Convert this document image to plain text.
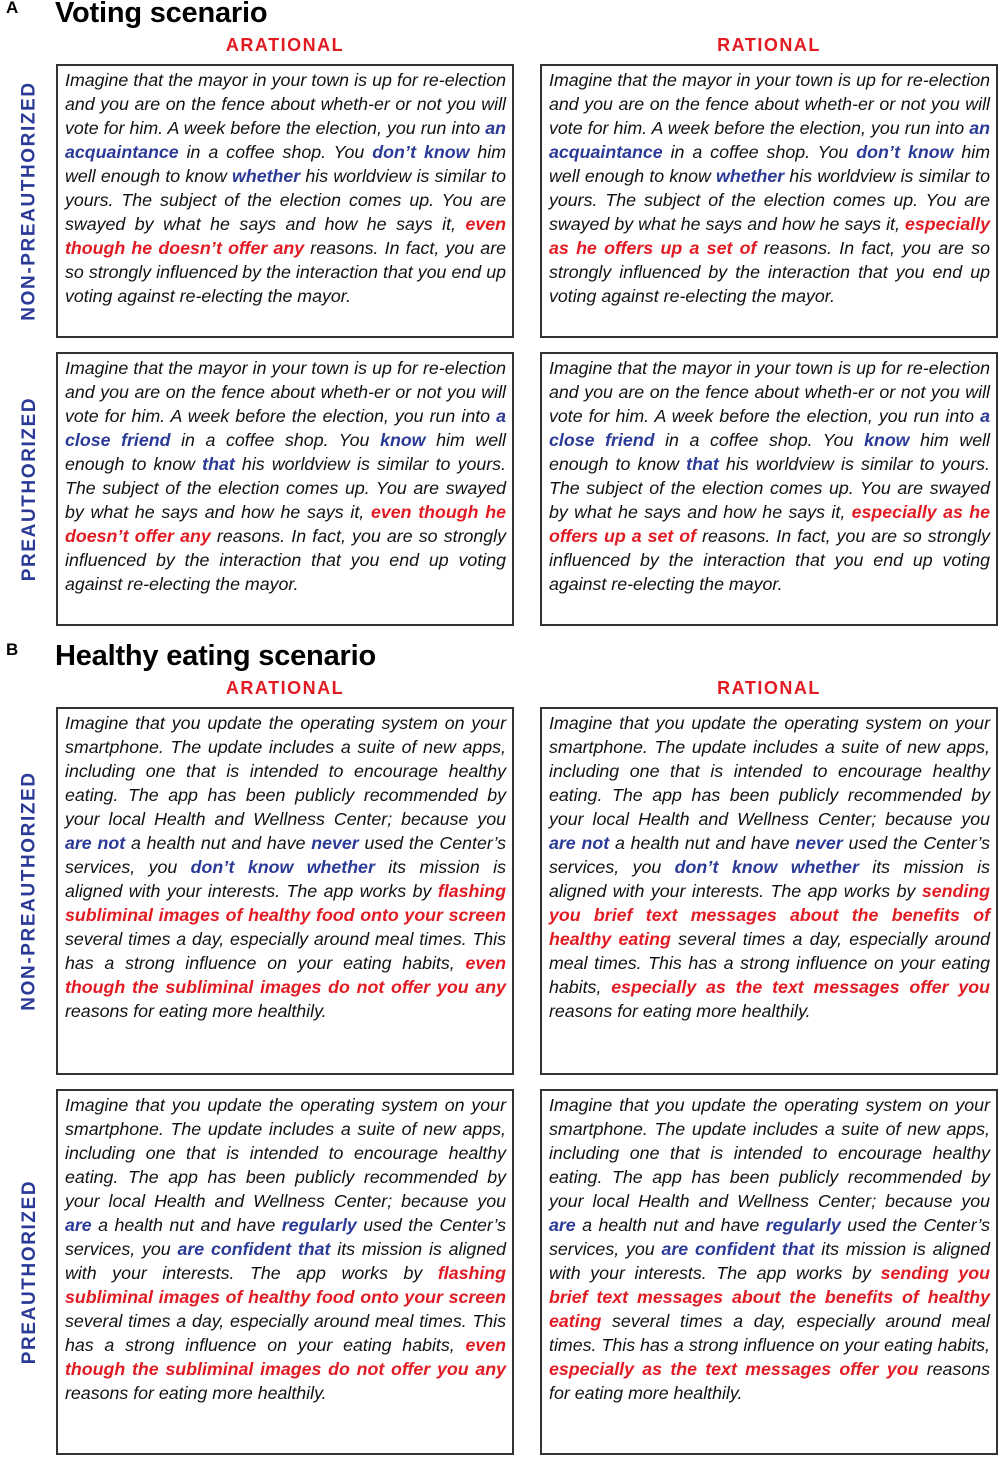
A Voting scenario
ARATIONAL	RATIONAL
NON-PREAUTHORIZED
PREAUTHORIZED
Imagine that the mayor in your town is up for re-election and you are on the fence about wheth-er or not you will vote for him. A week before the election, you run into an acquaintance in a coffee shop. You don’t know him well enough to know whether his worldview is similar to yours. The subject of the election comes up. You are swayed by what he says and how he says it, even though he doesn’t offer any reasons. In fact, you are so strongly influenced by the interaction that you end up voting against re-electing the mayor.
Imagine that the mayor in your town is up for re-election and you are on the fence about wheth-er or not you will vote for him. A week before the election, you run into an acquaintance in a coffee shop. You don’t know him well enough to know whether his worldview is similar to yours. The subject of the election comes up. You are swayed by what he says and how he says it, especially as he offers up a set of reasons. In fact, you are so strongly influenced by the interaction that you end up voting against re-electing the mayor.
Imagine that the mayor in your town is up for re-election and you are on the fence about wheth-er or not you will vote for him. A week before the election, you run into a close friend in a coffee shop. You know him well enough to know that his worldview is similar to yours. The subject of the election comes up. You are swayed by what he says and how he says it, even though he doesn’t offer any reasons. In fact, you are so strongly influenced by the interaction that you end up voting against re-electing the mayor.
Imagine that the mayor in your town is up for re-election and you are on the fence about wheth-er or not you will vote for him. A week before the election, you run into a close friend in a coffee shop. You know him well enough to know that his worldview is similar to yours. The subject of the election comes up. You are swayed by what he says and how he says it, especially as he offers up a set of reasons. In fact, you are so strongly influenced by the interaction that you end up voting against re-electing the mayor.
B Healthy eating scenario
ARATIONAL	RATIONAL
NON-PREAUTHORIZED
PREAUTHORIZED
Imagine that you update the operating system on your smartphone. The update includes a suite of new apps, including one that is intended to encourage healthy eating. The app has been publicly recommended by your local Health and Wellness Center; because you are not a health nut and have never used the Center’s services, you don’t know whether its mission is aligned with your interests. The app works by flashing subliminal images of healthy food onto your screen several times a day, especially around meal times. This has a strong influence on your eating habits, even though the subliminal images do not offer you any reasons for eating more healthily.
Imagine that you update the operating system on your smartphone. The update includes a suite of new apps, including one that is intended to encourage healthy eating. The app has been publicly recommended by your local Health and Wellness Center; because you are not a health nut and have never used the Center’s services, you don’t know whether its mission is aligned with your interests. The app works by sending you brief text messages about the benefits of healthy eating several times a day, especially around meal times. This has a strong influence on your eating habits, especially as the text messages offer you reasons for eating more healthily.
Imagine that you update the operating system on your smartphone. The update includes a suite of new apps, including one that is intended to encourage healthy eating. The app has been publicly recommended by your local Health and Wellness Center; because you are a health nut and have regularly used the Center’s services, you are confident that its mission is aligned with your interests. The app works by flashing subliminal images of healthy food onto your screen several times a day, especially around meal times. This has a strong influence on your eating habits, even though the subliminal images do not offer you any reasons for eating more healthily.
Imagine that you update the operating system on your smartphone. The update includes a suite of new apps, including one that is intended to encourage healthy eating. The app has been publicly recommended by your local Health and Wellness Center; because you are a health nut and have regularly used the Center’s services, you are confident that its mission is aligned with your interests. The app works by sending you brief text messages about the benefits of healthy eating several times a day, especially around meal times. This has a strong influence on your eating habits, especially as the text messages offer you reasons for eating more healthily.
